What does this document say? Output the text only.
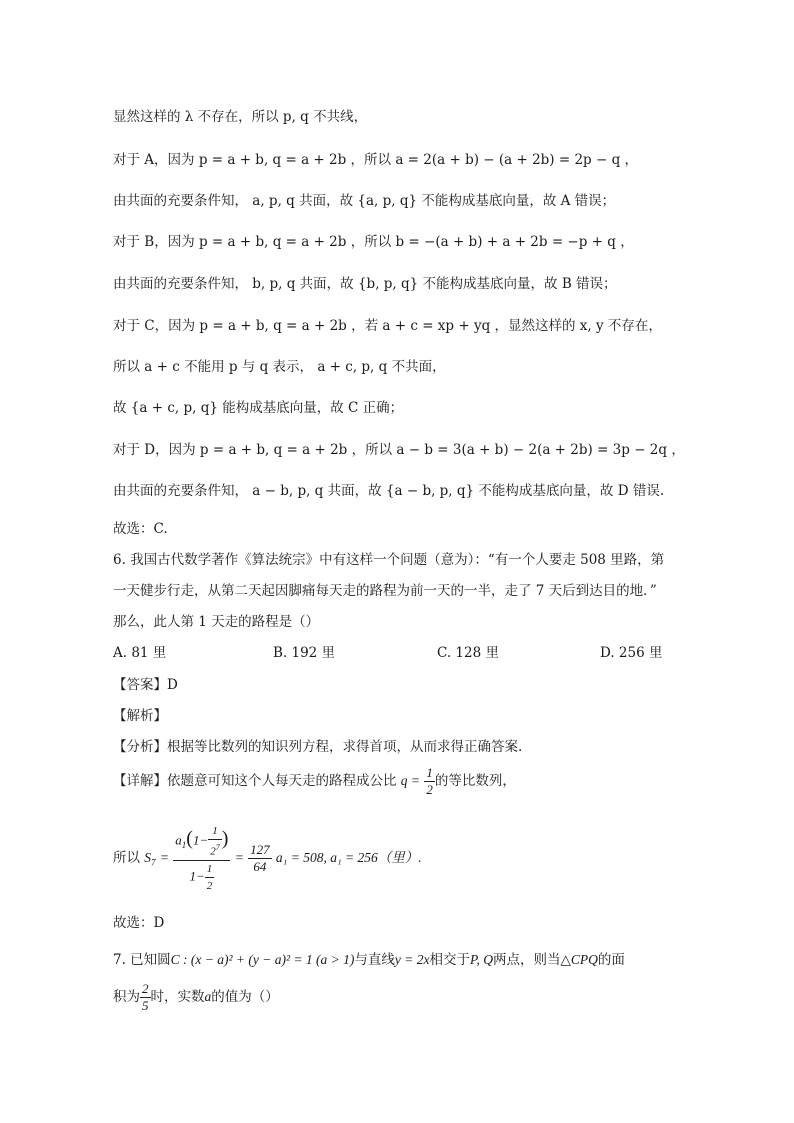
显然这样的 λ 不存在，所以 p, q 不共线，
对于 A，因为 p = a + b, q = a + 2b ，所以 a = 2(a + b) − (a + 2b) = 2p − q ，
由共面的充要条件知， a, p, q 共面，故 {a, p, q} 不能构成基底向量，故 A 错误；
对于 B，因为 p = a + b, q = a + 2b ，所以 b = −(a + b) + a + 2b = −p + q ，
由共面的充要条件知， b, p, q 共面，故 {b, p, q} 不能构成基底向量，故 B 错误；
对于 C，因为 p = a + b, q = a + 2b ，若 a + c = xp + yq ，显然这样的 x, y 不存在，
所以 a + c 不能用 p 与 q 表示， a + c, p, q 不共面，
故 {a + c, p, q} 能构成基底向量，故 C 正确；
对于 D，因为 p = a + b, q = a + 2b ，所以 a − b = 3(a + b) − 2(a + 2b) = 3p − 2q ，
由共面的充要条件知， a − b, p, q 共面，故 {a − b, p, q} 不能构成基底向量，故 D 错误.
故选：C.
6. 我国古代数学著作《算法统宗》中有这样一个问题（意为）：“有一个人要走 508 里路，第
一天健步行走，从第二天起因脚痛每天走的路程为前一天的一半，走了 7 天后到达目的地．”
那么，此人第 1 天走的路程是（）
A. 81 里	B. 192 里	C. 128 里	D. 256 里
【答案】D
【解析】
【分析】根据等比数列的知识列方程，求得首项，从而求得正确答案.
【详解】依题意可知这个人每天走的路程成公比 $q = \frac{1}{2}$ 的等比数列，
所以 $S_7 = \frac{a_1(1- \frac{1}{2^7} )}{1- \frac{1}{2}} = \frac{127}{64} a_1 = 508$, a₁ = 256（里）.
故选：D
7. 已知圆C : (x − a)² + (y − a)² = 1 (a > 1)与直线y = 2x相交于P, Q两点，则当△CPQ的面
积为 $\frac{2}{5}$ 时，实数a的值为（）
